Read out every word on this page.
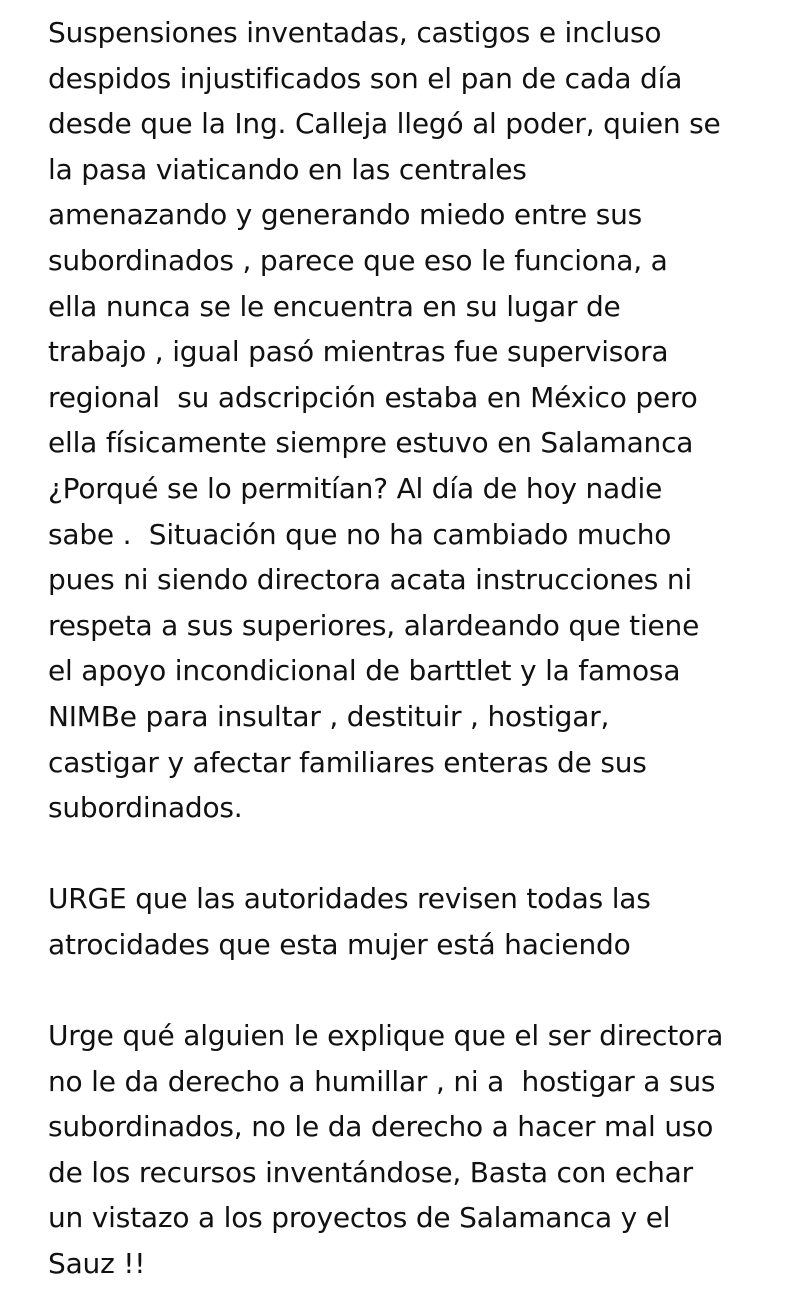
Suspensiones inventadas, castigos e incluso
despidos injustificados son el pan de cada día
desde que la Ing. Calleja llegó al poder, quien se
la pasa viaticando en las centrales
amenazando y generando miedo entre sus
subordinados , parece que eso le funciona, a
ella nunca se le encuentra en su lugar de
trabajo , igual pasó mientras fue supervisora
regional  su adscripción estaba en México pero
ella físicamente siempre estuvo en Salamanca
¿Porqué se lo permitían? Al día de hoy nadie
sabe .  Situación que no ha cambiado mucho
pues ni siendo directora acata instrucciones ni
respeta a sus superiores, alardeando que tiene
el apoyo incondicional de barttlet y la famosa
NIMBe para insultar , destituir , hostigar,
castigar y afectar familiares enteras de sus
subordinados.

URGE que las autoridades revisen todas las
atrocidades que esta mujer está haciendo

Urge qué alguien le explique que el ser directora
no le da derecho a humillar , ni a  hostigar a sus
subordinados, no le da derecho a hacer mal uso
de los recursos inventándose, Basta con echar
un vistazo a los proyectos de Salamanca y el
Sauz !!
